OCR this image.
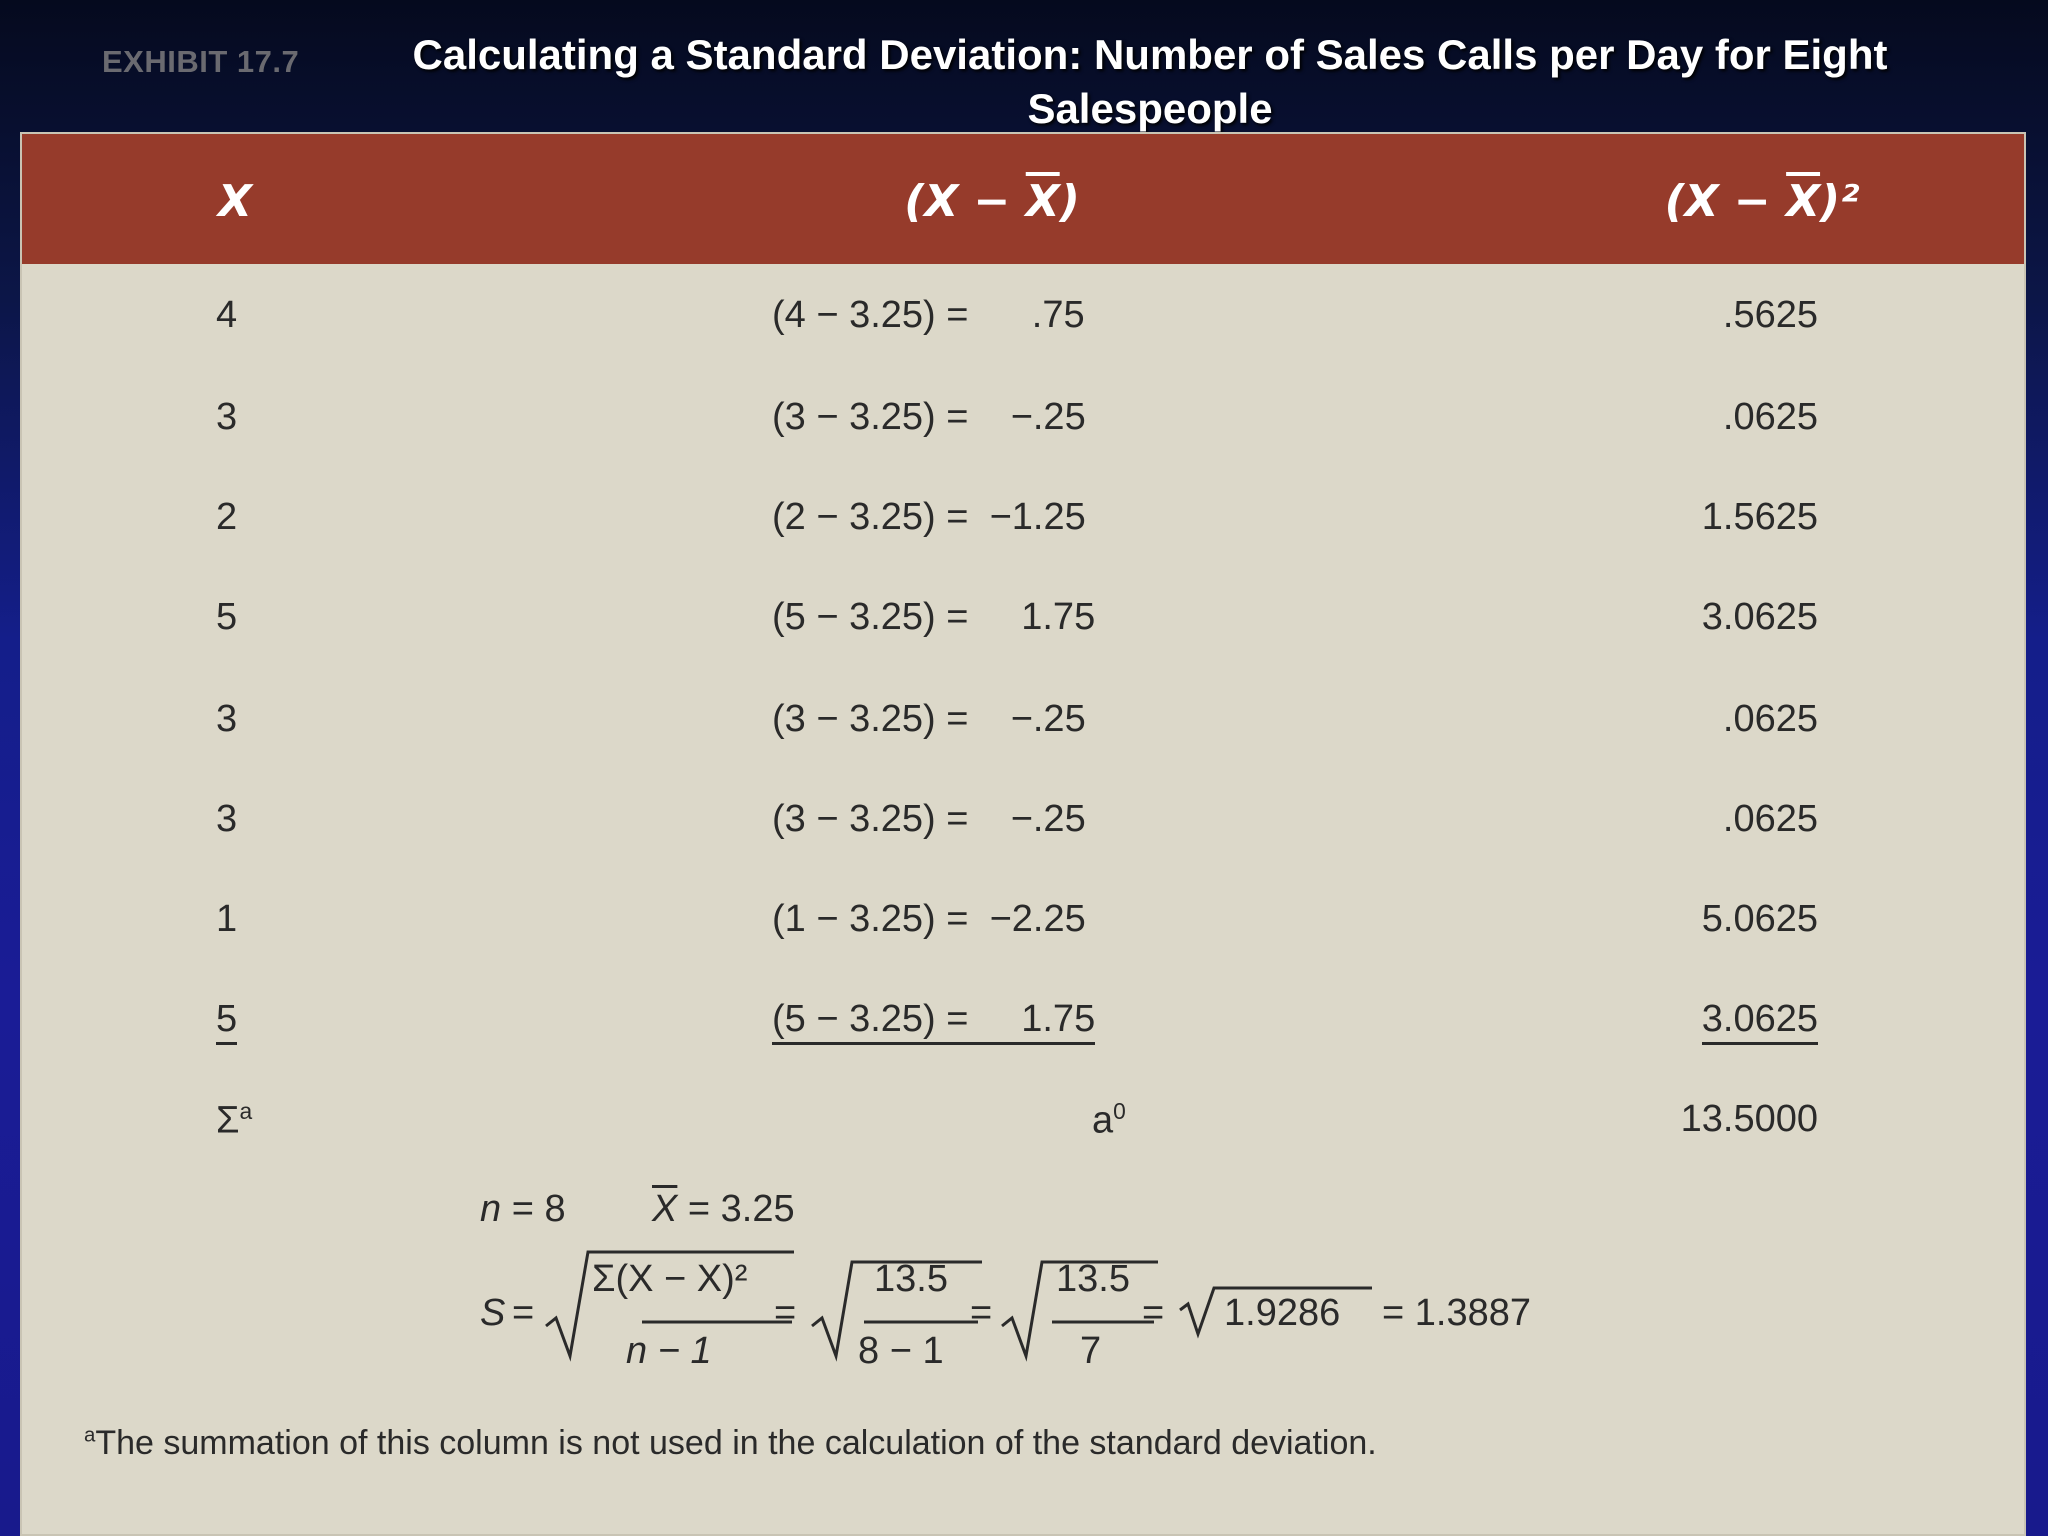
EXHIBIT 17.7	Calculating a Standard Deviation: Number of Sales Calls per Day for Eight Salespeople
X	$(X - \overline{X})$	$(X - \overline{X})^2$
4	(4 − 3.25) =      .75	.5625
3	(3 − 3.25) =    −.25	.0625
2	(2 − 3.25) =  −1.25	1.5625
5	(5 − 3.25) =     1.75	3.0625
3	(3 − 3.25) =    −.25	.0625
3	(3 − 3.25) =    −.25	.0625
1	(1 − 3.25) =  −2.25	5.0625
5	(5 − 3.25) =     1.75	3.0625
$\Sigma^a$	$a^0$	13.5000
n = 8 $\overline{X} = 3.25$
S =
Σ(X − X)²
n − 1
=
13.5
8 − 1
=
13.5
7
= 1.9286 = 1.3887
$^a$The summation of this column is not used in the calculation of the standard deviation.
